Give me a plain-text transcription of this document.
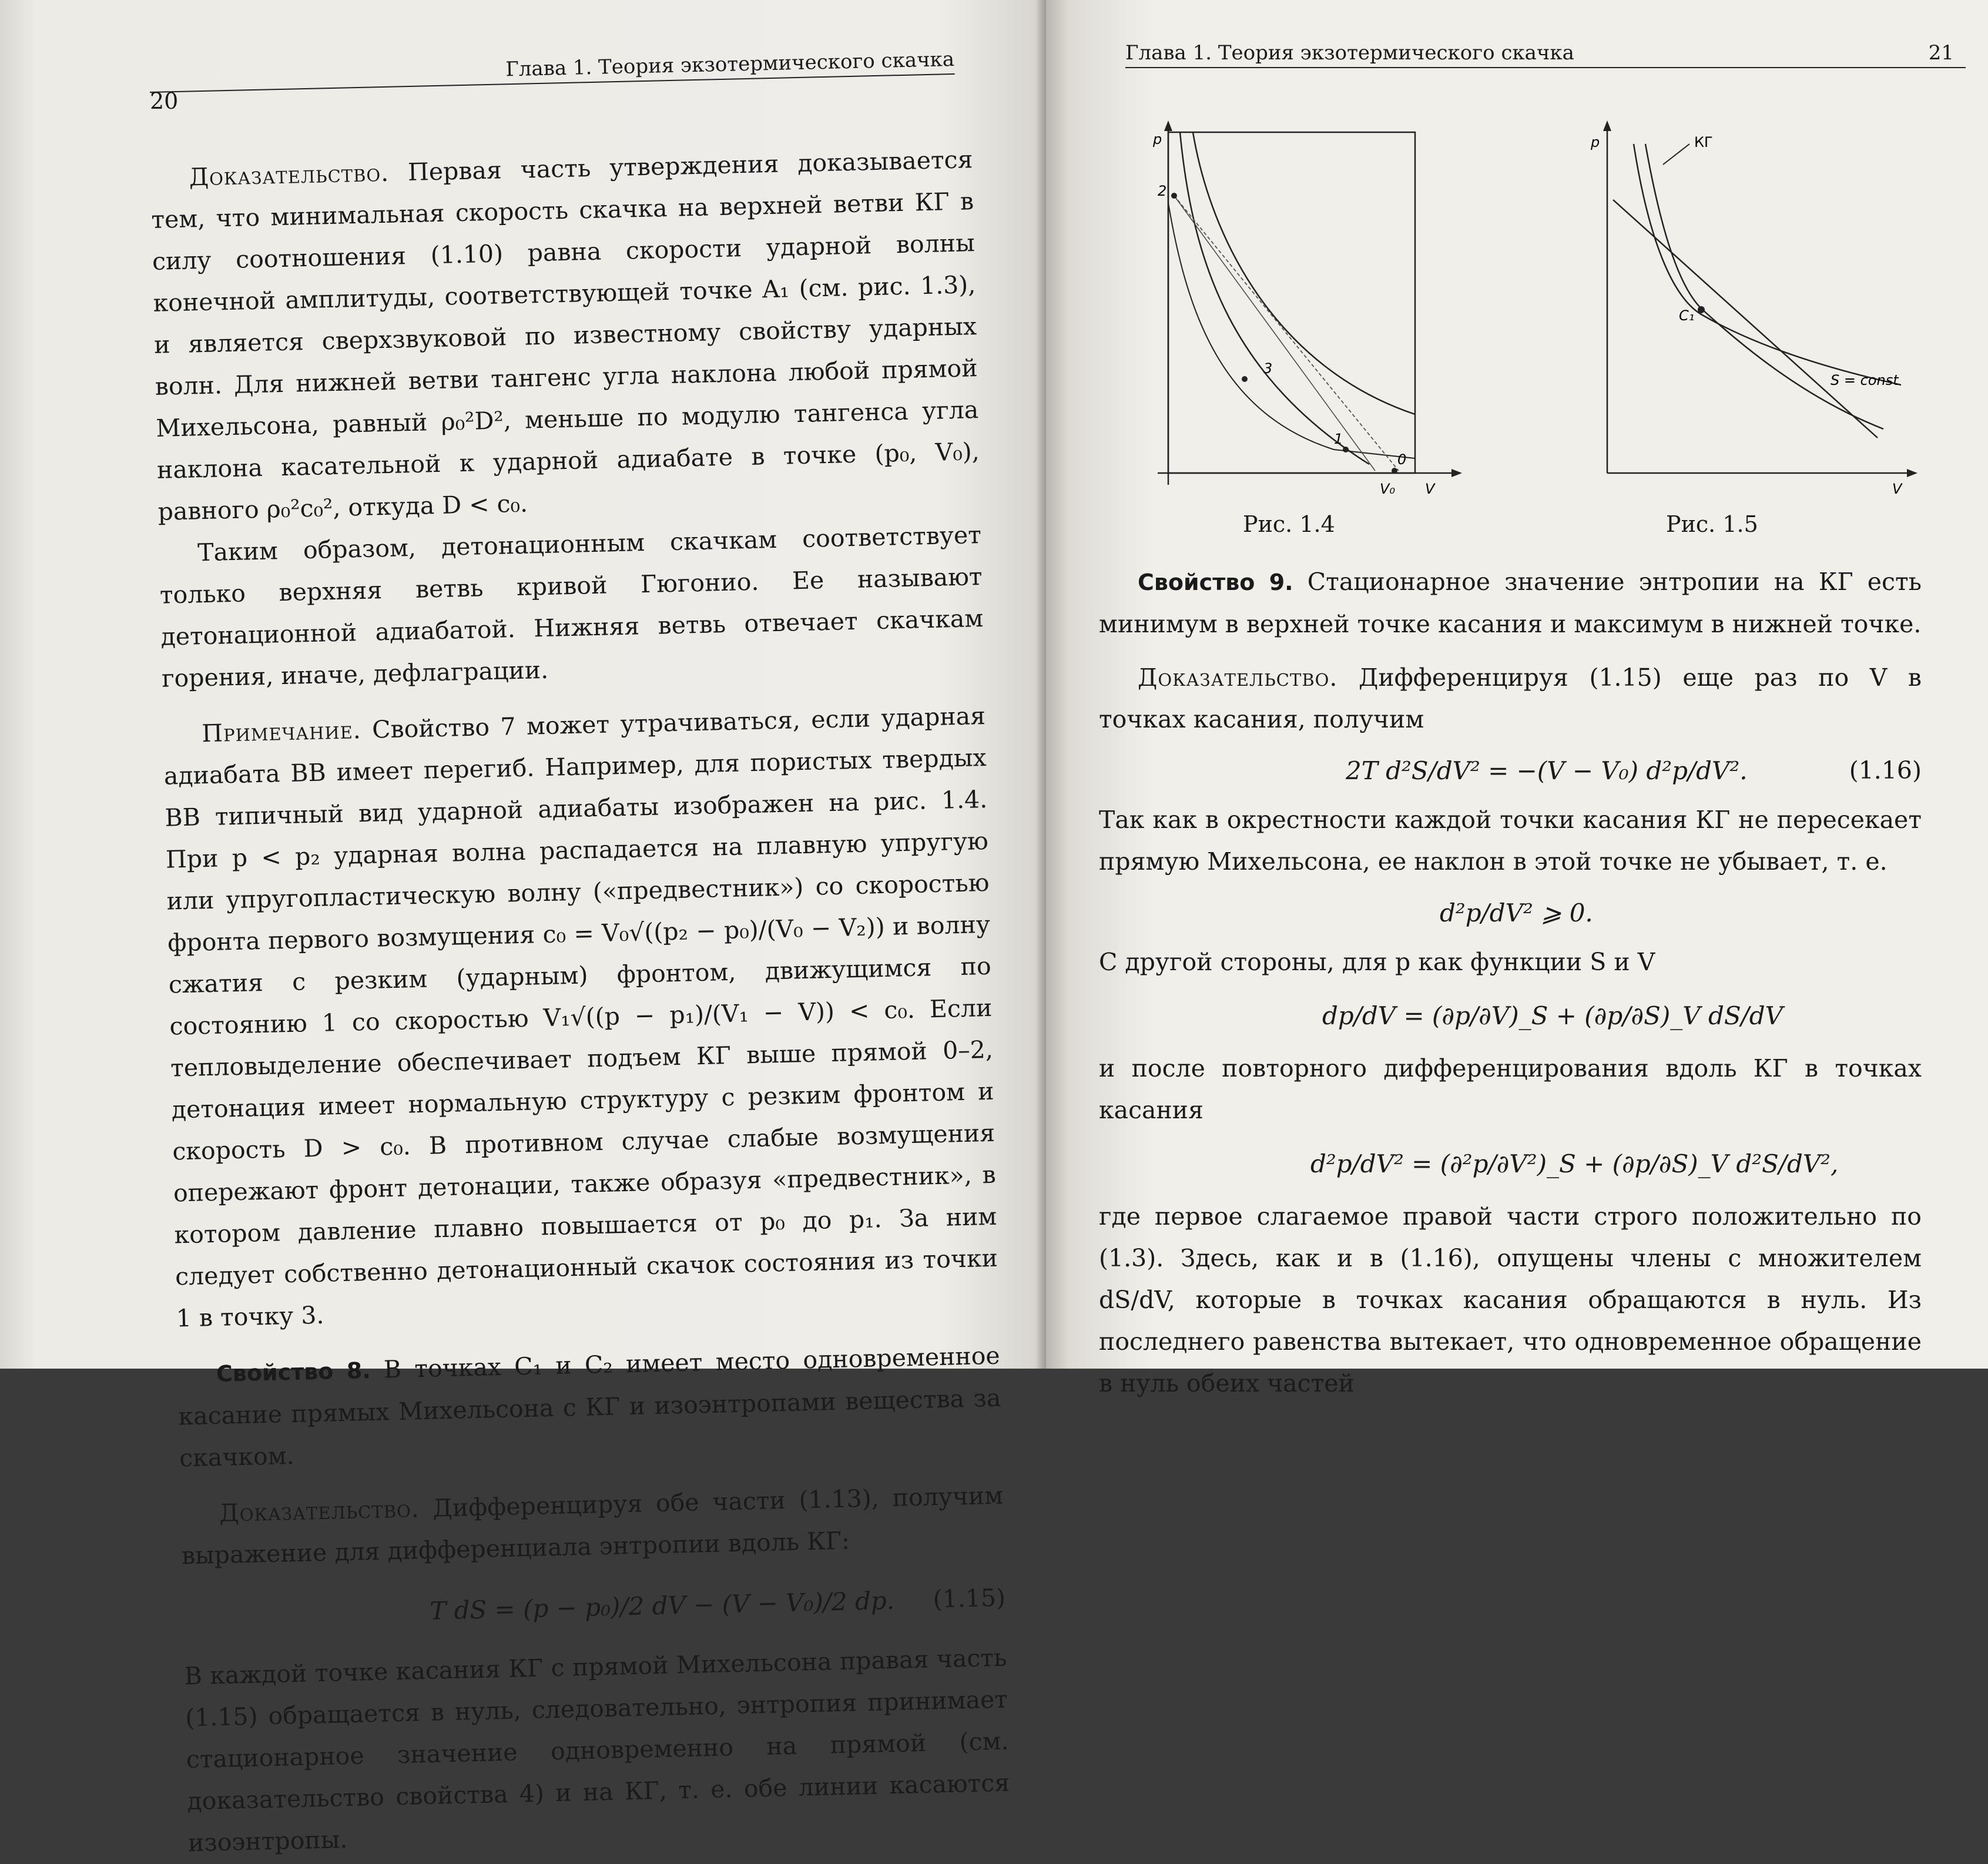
20
Глава 1. Теория экзотермического скачка

Доказательство. Первая часть утверждения доказывается тем, что минимальная скорость скачка на верхней ветви КГ в силу соотношения (1.10) равна скорости ударной волны конечной амплитуды, соответствующей точке A₁ (см. рис. 1.3), и является сверхзвуковой по известному свойству ударных волн. Для нижней ветви тангенс угла наклона любой прямой Михельсона, равный ρ₀²D², меньше по модулю тангенса угла наклона касательной к ударной адиабате в точке (p₀, V₀), равного ρ₀²c₀², откуда D < c₀.

Таким образом, детонационным скачкам соответствует только верхняя ветвь кривой Гюгонио. Ее называют детонационной адиабатой. Нижняя ветвь отвечает скачкам горения, иначе, дефлаграции.

Примечание. Свойство 7 может утрачиваться, если ударная адиабата ВВ имеет перегиб. Например, для пористых твердых ВВ типичный вид ударной адиабаты изображен на рис. 1.4. При p < p₂ ударная волна распадается на плавную упругую или упругопластическую волну («предвестник») со скоростью фронта первого возмущения c₀ = V₀√((p₂ − p₀)/(V₀ − V₂)) и волну сжатия с резким (ударным) фронтом, движущимся по состоянию 1 со скоростью V₁√((p − p₁)/(V₁ − V)) < c₀. Если тепловыделение обеспечивает подъем КГ выше прямой 0–2, детонация имеет нормальную структуру с резким фронтом и скорость D > c₀. В противном случае слабые возмущения опережают фронт детонации, также образуя «предвестник», в котором давление плавно повышается от p₀ до p₁. За ним следует собственно детонационный скачок состояния из точки 1 в точку 3.

Свойство 8. В точках C₁ и C₂ имеет место одновременное касание прямых Михельсона с КГ и изоэнтропами вещества за скачком.

Доказательство. Дифференцируя обе части (1.13), получим выражение для дифференциала энтропии вдоль КГ:

T dS = (p − p₀)/2 dV − (V − V₀)/2 dp. (1.15)

В каждой точке касания КГ с прямой Михельсона правая часть (1.15) обращается в нуль, следовательно, энтропия принимает стационарное значение одновременно на прямой (см. доказательство свойства 4) и на КГ, т. е. обе линии касаются изоэнтропы.

Глава 1. Теория экзотермического скачка	21
p
2
3
1
0
V₀ V
Рис. 1.4
p	КГ
C₁
S = const
V
Рис. 1.5

Свойство 9. Стационарное значение энтропии на КГ есть минимум в верхней точке касания и максимум в нижней точке.

Доказательство. Дифференцируя (1.15) еще раз по V в точках касания, получим

2T d²S/dV² = −(V − V₀) d²p/dV².	(1.16)

Так как в окрестности каждой точки касания КГ не пересекает прямую Михельсона, ее наклон в этой точке не убывает, т. е.

d²p/dV² ⩾ 0.

С другой стороны, для p как функции S и V

dp/dV = (∂p/∂V)_S + (∂p/∂S)_V dS/dV

и после повторного дифференцирования вдоль КГ в точках касания

d²p/dV² = (∂²p/∂V²)_S + (∂p/∂S)_V d²S/dV²,

где первое слагаемое правой части строго положительно по (1.3). Здесь, как и в (1.16), опущены члены с множителем dS/dV, которые в точках касания обращаются в нуль. Из последнего равенства вытекает, что одновременное обращение в нуль обеих частей
